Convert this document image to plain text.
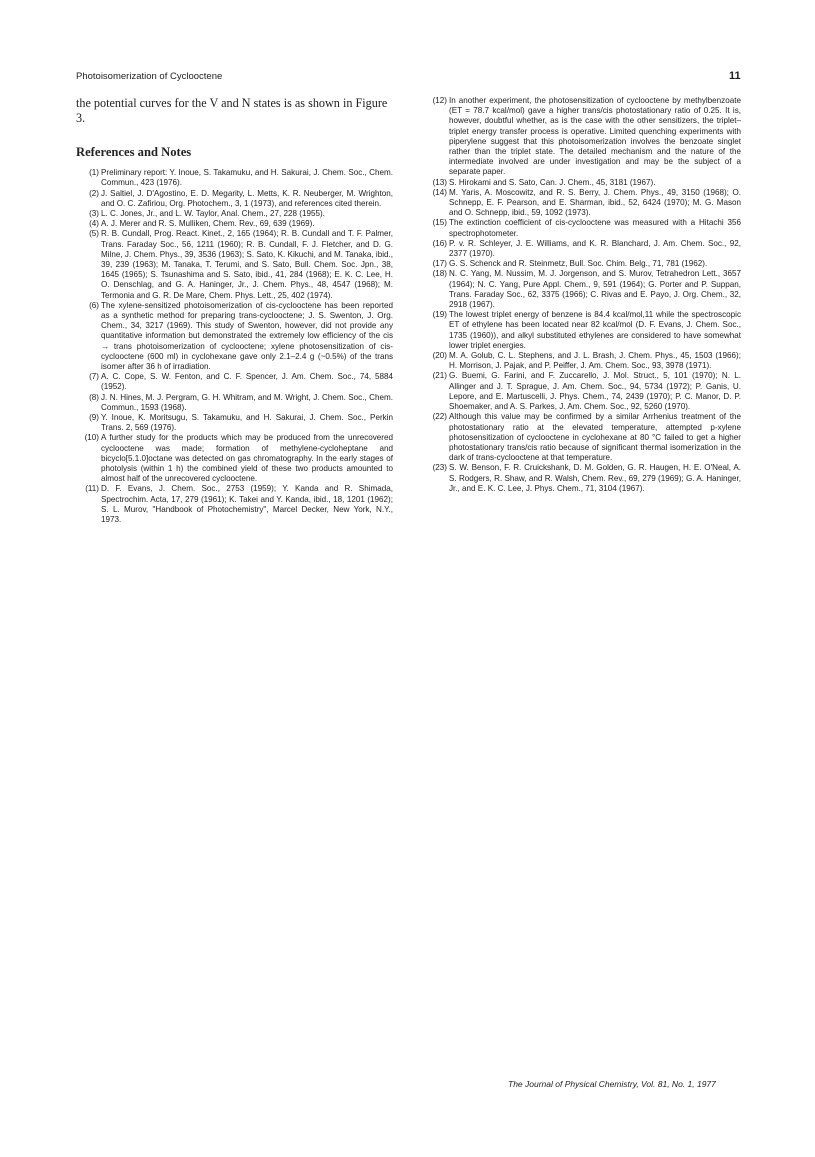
Photoisomerization of Cyclooctene	11

the potential curves for the V and N states is as shown in Figure 3.

References and Notes
(1) Preliminary report: Y. Inoue, S. Takamuku, and H. Sakurai, J. Chem. Soc., Chem. Commun., 423 (1976).
(2) J. Saltiel, J. D'Agostino, E. D. Megarity, L. Metts, K. R. Neuberger, M. Wrighton, and O. C. Zafiriou, Org. Photochem., 3, 1 (1973), and references cited therein.
(3) L. C. Jones, Jr., and L. W. Taylor, Anal. Chem., 27, 228 (1955).
(4) A. J. Merer and R. S. Mulliken, Chem. Rev., 69, 639 (1969).
(5) R. B. Cundall, Prog. React. Kinet., 2, 165 (1964); R. B. Cundall and T. F. Palmer, Trans. Faraday Soc., 56, 1211 (1960); R. B. Cundall, F. J. Fletcher, and D. G. Milne, J. Chem. Phys., 39, 3536 (1963); S. Sato, K. Kikuchi, and M. Tanaka, ibid., 39, 239 (1963); M. Tanaka, T. Terumi, and S. Sato, Bull. Chem. Soc. Jpn., 38, 1645 (1965); S. Tsunashima and S. Sato, ibid., 41, 284 (1968); E. K. C. Lee, H. O. Denschlag, and G. A. Haninger, Jr., J. Chem. Phys., 48, 4547 (1968); M. Termonia and G. R. De Mare, Chem. Phys. Lett., 25, 402 (1974).
(6) The xylene-sensitized photoisomerization of cis-cyclooctene has been reported as a synthetic method for preparing trans-cyclooctene; J. S. Swenton, J. Org. Chem., 34, 3217 (1969). This study of Swenton, however, did not provide any quantitative information but demonstrated the extremely low efficiency of the cis → trans photoisomerization of cyclooctene; xylene photosensitization of cis-cyclooctene (600 ml) in cyclohexane gave only 2.1–2.4 g (~0.5%) of the trans isomer after 36 h of irradiation.
(7) A. C. Cope, S. W. Fenton, and C. F. Spencer, J. Am. Chem. Soc., 74, 5884 (1952).
(8) J. N. Hines, M. J. Pergram, G. H. Whitram, and M. Wright, J. Chem. Soc., Chem. Commun., 1593 (1968).
(9) Y. Inoue, K. Moritsugu, S. Takamuku, and H. Sakurai, J. Chem. Soc., Perkin Trans. 2, 569 (1976).
(10) A further study for the products which may be produced from the unrecovered cyclooctene was made; formation of methylene-cycloheptane and bicyclo[5.1.0]octane was detected on gas chromatography. In the early stages of photolysis (within 1 h) the combined yield of these two products amounted to almost half of the unrecovered cyclooctene.
(11) D. F. Evans, J. Chem. Soc., 2753 (1959); Y. Kanda and R. Shimada, Spectrochim. Acta, 17, 279 (1961); K. Takei and Y. Kanda, ibid., 18, 1201 (1962); S. L. Murov, "Handbook of Photochemistry", Marcel Decker, New York, N.Y., 1973.
(12) In another experiment, the photosensitization of cyclooctene by methylbenzoate (ET = 78.7 kcal/mol) gave a higher trans/cis photostationary ratio of 0.25. It is, however, doubtful whether, as is the case with the other sensitizers, the triplet–triplet energy transfer process is operative. Limited quenching experiments with piperylene suggest that this photoisomerization involves the benzoate singlet rather than the triplet state. The detailed mechanism and the nature of the intermediate involved are under investigation and may be the subject of a separate paper.
(13) S. Hirokami and S. Sato, Can. J. Chem., 45, 3181 (1967).
(14) M. Yaris, A. Moscowitz, and R. S. Berry, J. Chem. Phys., 49, 3150 (1968); O. Schnepp, E. F. Pearson, and E. Sharman, ibid., 52, 6424 (1970); M. G. Mason and O. Schnepp, ibid., 59, 1092 (1973).
(15) The extinction coefficient of cis-cyclooctene was measured with a Hitachi 356 spectrophotometer.
(16) P. v. R. Schleyer, J. E. Williams, and K. R. Blanchard, J. Am. Chem. Soc., 92, 2377 (1970).
(17) G. S. Schenck and R. Steinmetz, Bull. Soc. Chim. Belg., 71, 781 (1962).
(18) N. C. Yang, M. Nussim, M. J. Jorgenson, and S. Murov, Tetrahedron Lett., 3657 (1964); N. C. Yang, Pure Appl. Chem., 9, 591 (1964); G. Porter and P. Suppan, Trans. Faraday Soc., 62, 3375 (1966); C. Rivas and E. Payo, J. Org. Chem., 32, 2918 (1967).
(19) The lowest triplet energy of benzene is 84.4 kcal/mol,11 while the spectroscopic ET of ethylene has been located near 82 kcal/mol (D. F. Evans, J. Chem. Soc., 1735 (1960)), and alkyl substituted ethylenes are considered to have somewhat lower triplet energies.
(20) M. A. Golub, C. L. Stephens, and J. L. Brash, J. Chem. Phys., 45, 1503 (1966); H. Morrison, J. Pajak, and P. Peiffer, J. Am. Chem. Soc., 93, 3978 (1971).
(21) G. Buemi, G. Farini, and F. Zuccarello, J. Mol. Struct., 5, 101 (1970); N. L. Allinger and J. T. Sprague, J. Am. Chem. Soc., 94, 5734 (1972); P. Ganis, U. Lepore, and E. Martuscelli, J. Phys. Chem., 74, 2439 (1970); P. C. Manor, D. P. Shoemaker, and A. S. Parkes, J. Am. Chem. Soc., 92, 5260 (1970).
(22) Although this value may be confirmed by a similar Arrhenius treatment of the photostationary ratio at the elevated temperature, attempted p-xylene photosensitization of cyclooctene in cyclohexane at 80 °C failed to get a higher photostationary trans/cis ratio because of significant thermal isomerization in the dark of trans-cyclooctene at that temperature.
(23) S. W. Benson, F. R. Cruickshank, D. M. Golden, G. R. Haugen, H. E. O'Neal, A. S. Rodgers, R. Shaw, and R. Walsh, Chem. Rev., 69, 279 (1969); G. A. Haninger, Jr., and E. K. C. Lee, J. Phys. Chem., 71, 3104 (1967).
The Journal of Physical Chemistry, Vol. 81, No. 1, 1977
